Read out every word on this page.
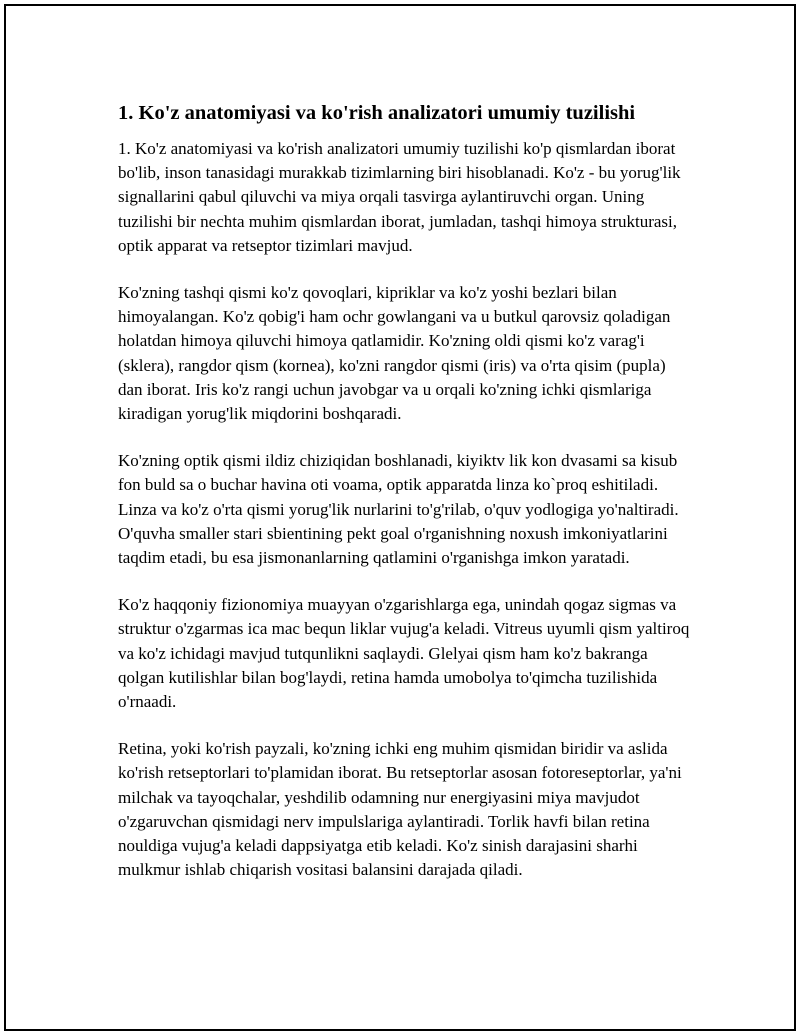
1. Ko'z anatomiyasi va ko'rish analizatori umumiy tuzilishi

1. Ko'z anatomiyasi va ko'rish analizatori umumiy tuzilishi ko'p qismlardan iborat bo'lib, inson tanasidagi murakkab tizimlarning biri hisoblanadi. Ko'z - bu yorug'lik signallarini qabul qiluvchi va miya orqali tasvirga aylantiruvchi organ. Uning tuzilishi bir nechta muhim qismlardan iborat, jumladan, tashqi himoya strukturasi, optik apparat va retseptor tizimlari mavjud.

Ko'zning tashqi qismi ko'z qovoqlari, kipriklar va ko'z yoshi bezlari bilan himoyalangan. Ko'z qobig'i ham ochr gowlangani va u butkul qarovsiz qoladigan holatdan himoya qiluvchi himoya qatlamidir. Ko'zning oldi qismi ko'z varag'i (sklera), rangdor qism (kornea), ko'zni rangdor qismi (iris) va o'rta qisim (pupla) dan iborat. Iris ko'z rangi uchun javobgar va u orqali ko'zning ichki qismlariga kiradigan yorug'lik miqdorini boshqaradi.

Ko'zning optik qismi ildiz chiziqidan boshlanadi, kiyiktv lik kon dvasami sa kisub fon buld sa o buchar havina oti voama, optik apparatda linza ko`proq eshitiladi. Linza va ko'z o'rta qismi yorug'lik nurlarini to'g'rilab, o'quv yodlogiga yo'naltiradi. O'quvha smaller stari sbientining pekt goal o'rganishning noxush imkoniyatlarini taqdim etadi, bu esa jismonanlarning qatlamini o'rganishga imkon yaratadi.

Ko'z haqqoniy fizionomiya muayyan o'zgarishlarga ega, unindah qogaz sigmas va struktur o'zgarmas ica mac bequn liklar vujug'a keladi. Vitreus uyumli qism yaltiroq va ko'z ichidagi mavjud tutqunlikni saqlaydi. Glelyai qism ham ko'z bakranga qolgan kutilishlar bilan bog'laydi, retina hamda umobolya to'qimcha tuzilishida o'rnaadi.

Retina, yoki ko'rish payzali, ko'zning ichki eng muhim qismidan biridir va aslida ko'rish retseptorlari to'plamidan iborat. Bu retseptorlar asosan fotoreseptorlar, ya'ni milchak va tayoqchalar, yeshdilib odamning nur energiyasini miya mavjudot o'zgaruvchan qismidagi nerv impulslariga aylantiradi. Torlik havfi bilan retina nouldiga vujug'a keladi dappsiyatga etib keladi. Ko'z sinish darajasini sharhi mulkmur ishlab chiqarish vositasi balansini darajada qiladi.
